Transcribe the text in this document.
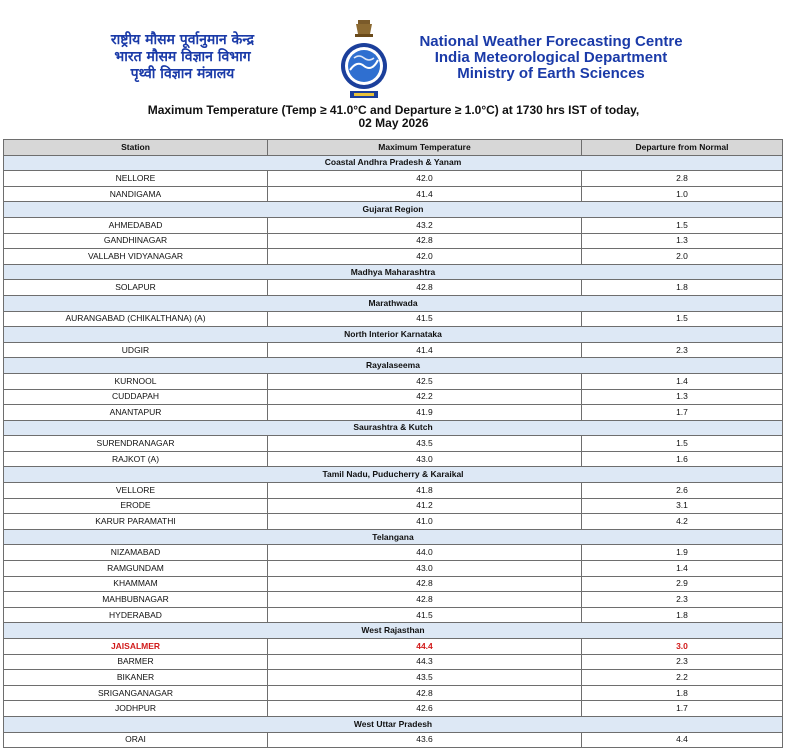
राष्ट्रीय मौसम पूर्वानुमान केन्द्र
भारत मौसम विज्ञान विभाग
पृथ्वी विज्ञान मंत्रालय
National Weather Forecasting Centre
India Meteorological Department
Ministry of Earth Sciences
Maximum Temperature (Temp ≥ 41.0°C and Departure ≥ 1.0°C) at 1730 hrs IST of today,
02 May 2026
Station	Maximum Temperature	Departure from Normal
Coastal Andhra Pradesh & Yanam		
NELLORE	42.0	2.8
NANDIGAMA	41.4	1.0
Gujarat Region		
AHMEDABAD	43.2	1.5
GANDHINAGAR	42.8	1.3
VALLABH VIDYANAGAR	42.0	2.0
Madhya Maharashtra		
SOLAPUR	42.8	1.8
Marathwada		
AURANGABAD (CHIKALTHANA) (A)	41.5	1.5
North Interior Karnataka		
UDGIR	41.4	2.3
Rayalaseema		
KURNOOL	42.5	1.4
CUDDAPAH	42.2	1.3
ANANTAPUR	41.9	1.7
Saurashtra & Kutch		
SURENDRANAGAR	43.5	1.5
RAJKOT (A)	43.0	1.6
Tamil Nadu, Puducherry & Karaikal		
VELLORE	41.8	2.6
ERODE	41.2	3.1
KARUR PARAMATHI	41.0	4.2
Telangana		
NIZAMABAD	44.0	1.9
RAMGUNDAM	43.0	1.4
KHAMMAM	42.8	2.9
MAHBUBNAGAR	42.8	2.3
HYDERABAD	41.5	1.8
West Rajasthan		
JAISALMER	44.4	3.0
BARMER	44.3	2.3
BIKANER	43.5	2.2
SRIGANGANAGAR	42.8	1.8
JODHPUR	42.6	1.7
West Uttar Pradesh		
ORAI	43.6	4.4
